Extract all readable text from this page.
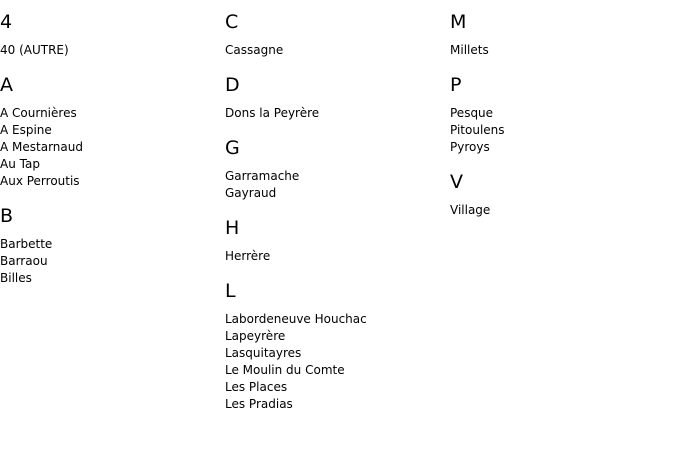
4
40 (AUTRE)
A
A Cournières
A Espine
A Mestarnaud
Au Tap
Aux Perroutis
B
Barbette
Barraou
Billes
C
Cassagne
D
Dons la Peyrère
G
Garramache
Gayraud
H
Herrère
L
Labordeneuve Houchac
Lapeyrère
Lasquitayres
Le Moulin du Comte
Les Places
Les Pradias
M
Millets
P
Pesque
Pitoulens
Pyroys
V
Village
